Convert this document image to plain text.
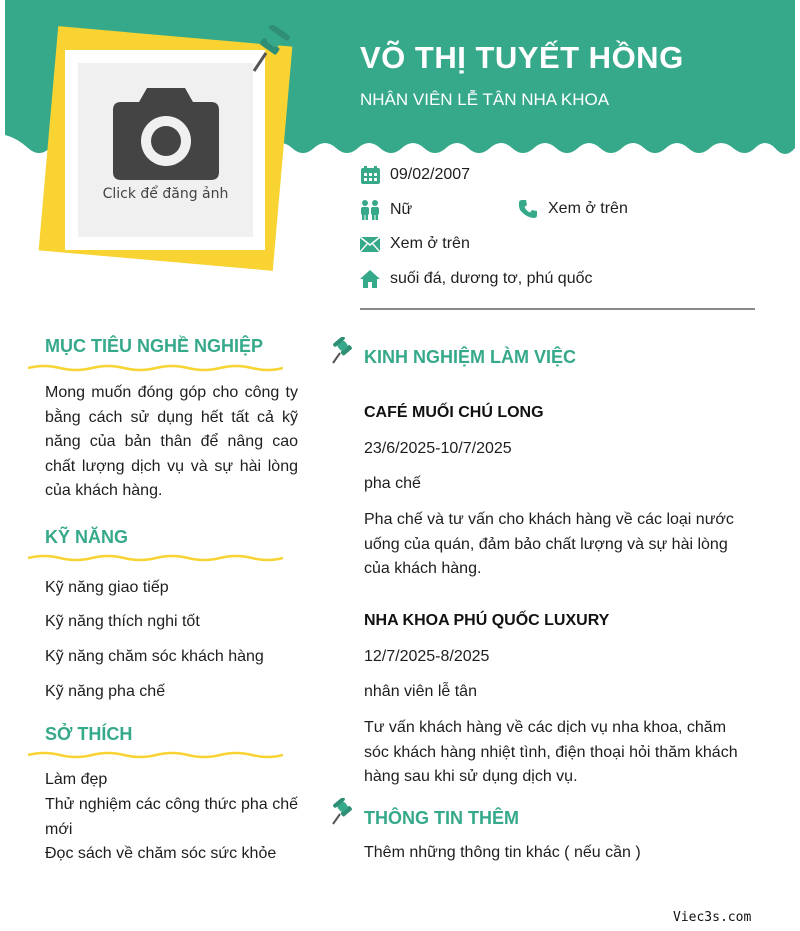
Click để đăng ảnh
VÕ THỊ TUYẾT HỒNG
NHÂN VIÊN LỄ TÂN NHA KHOA
09/02/2007
Nữ	Xem ở trên
Xem ở trên
suối đá, dương tơ, phú quốc
MỤC TIÊU NGHỀ NGHIỆP
Mong muốn đóng góp cho công ty bằng cách sử dụng hết tất cả kỹ năng của bản thân để nâng cao chất lượng dịch vụ và sự hài lòng của khách hàng.
KỸ NĂNG
Kỹ năng giao tiếp
Kỹ năng thích nghi tốt
Kỹ năng chăm sóc khách hàng
Kỹ năng pha chế
SỞ THÍCH
Làm đẹp
Thử nghiệm các công thức pha chế mới
Đọc sách về chăm sóc sức khỏe
KINH NGHIỆM LÀM VIỆC
CAFÉ MUỐI CHÚ LONG
23/6/2025-10/7/2025
pha chế
Pha chế và tư vấn cho khách hàng về các loại nước uống của quán, đảm bảo chất lượng và sự hài lòng của khách hàng.
NHA KHOA PHÚ QUỐC LUXURY
12/7/2025-8/2025
nhân viên lễ tân
Tư vấn khách hàng về các dịch vụ nha khoa, chăm sóc khách hàng nhiệt tình, điện thoại hỏi thăm khách hàng sau khi sử dụng dịch vụ.
THÔNG TIN THÊM
Thêm những thông tin khác ( nếu cần )
Viec3s.com
